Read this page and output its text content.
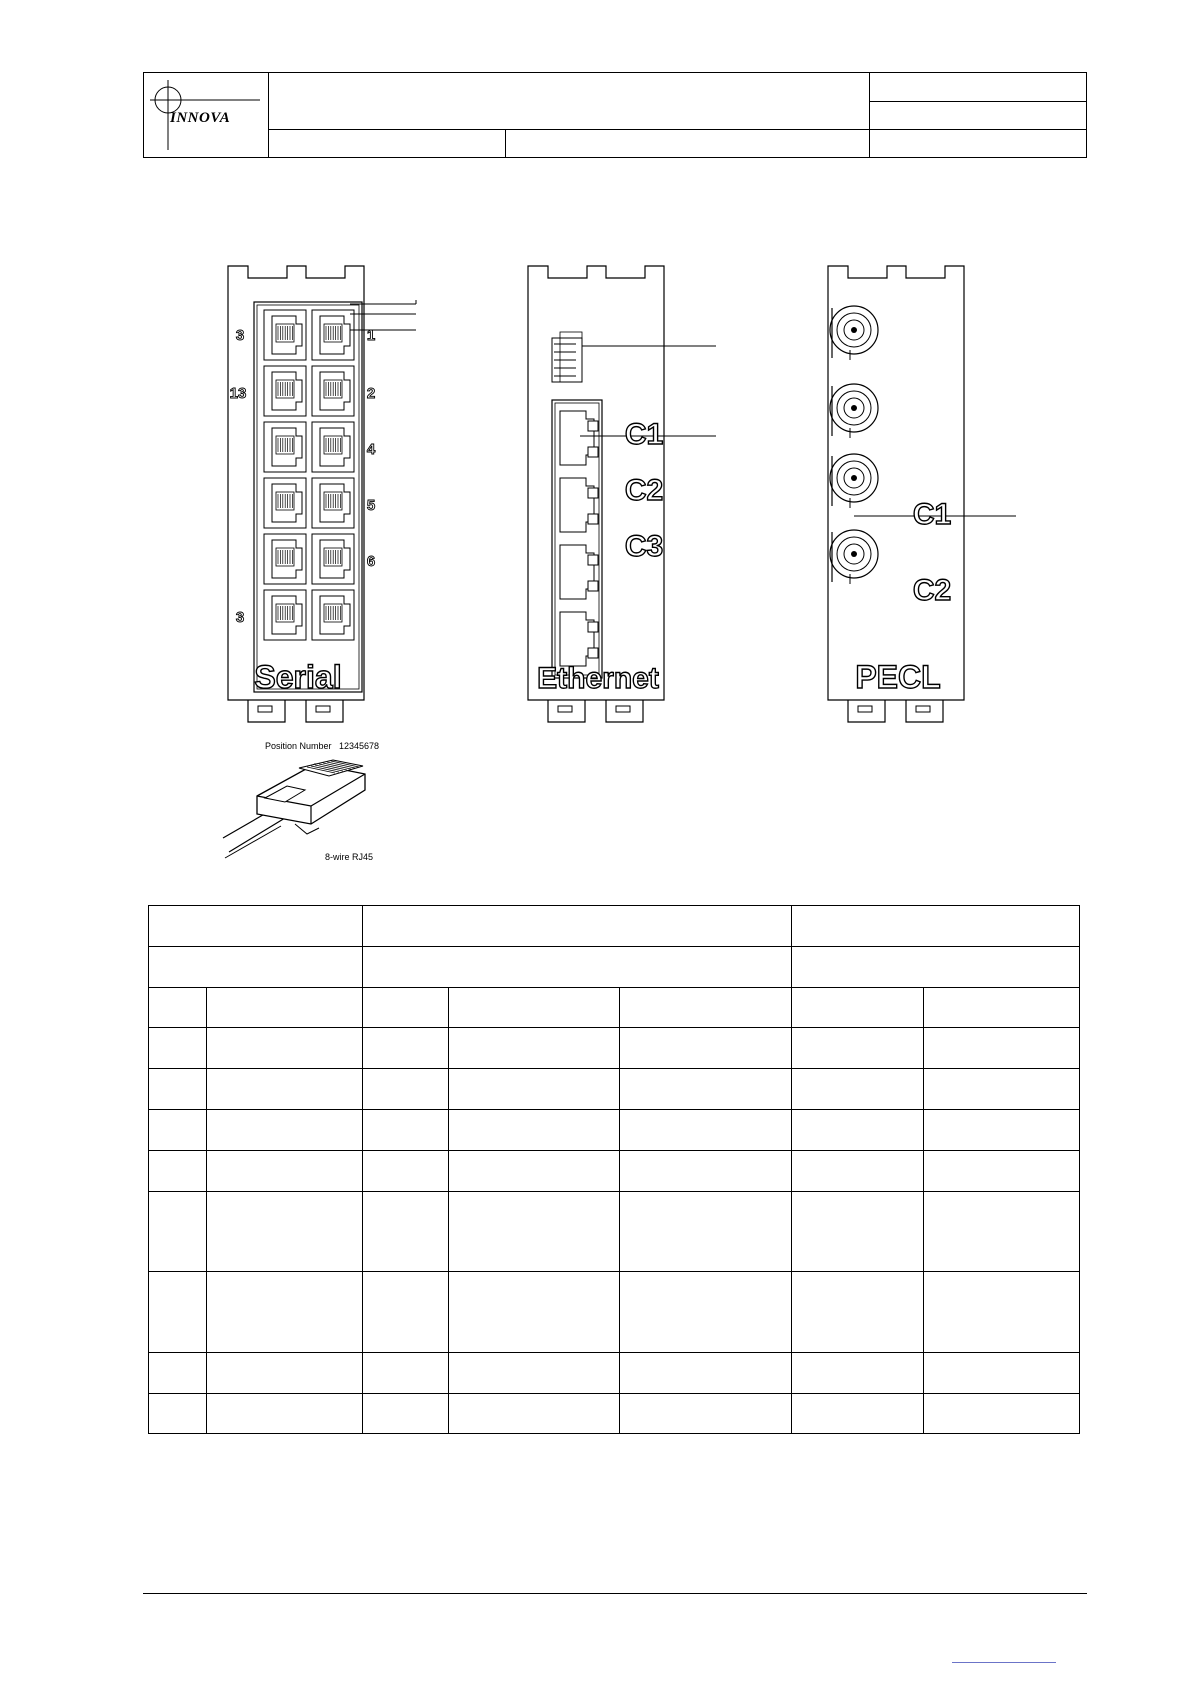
INNOVA
Serial
3
13
3
1
2
4
5
6
C1
C2
C3
Ethernet
C1
C2
PECL
Position Number 12345678
8-wire RJ45
